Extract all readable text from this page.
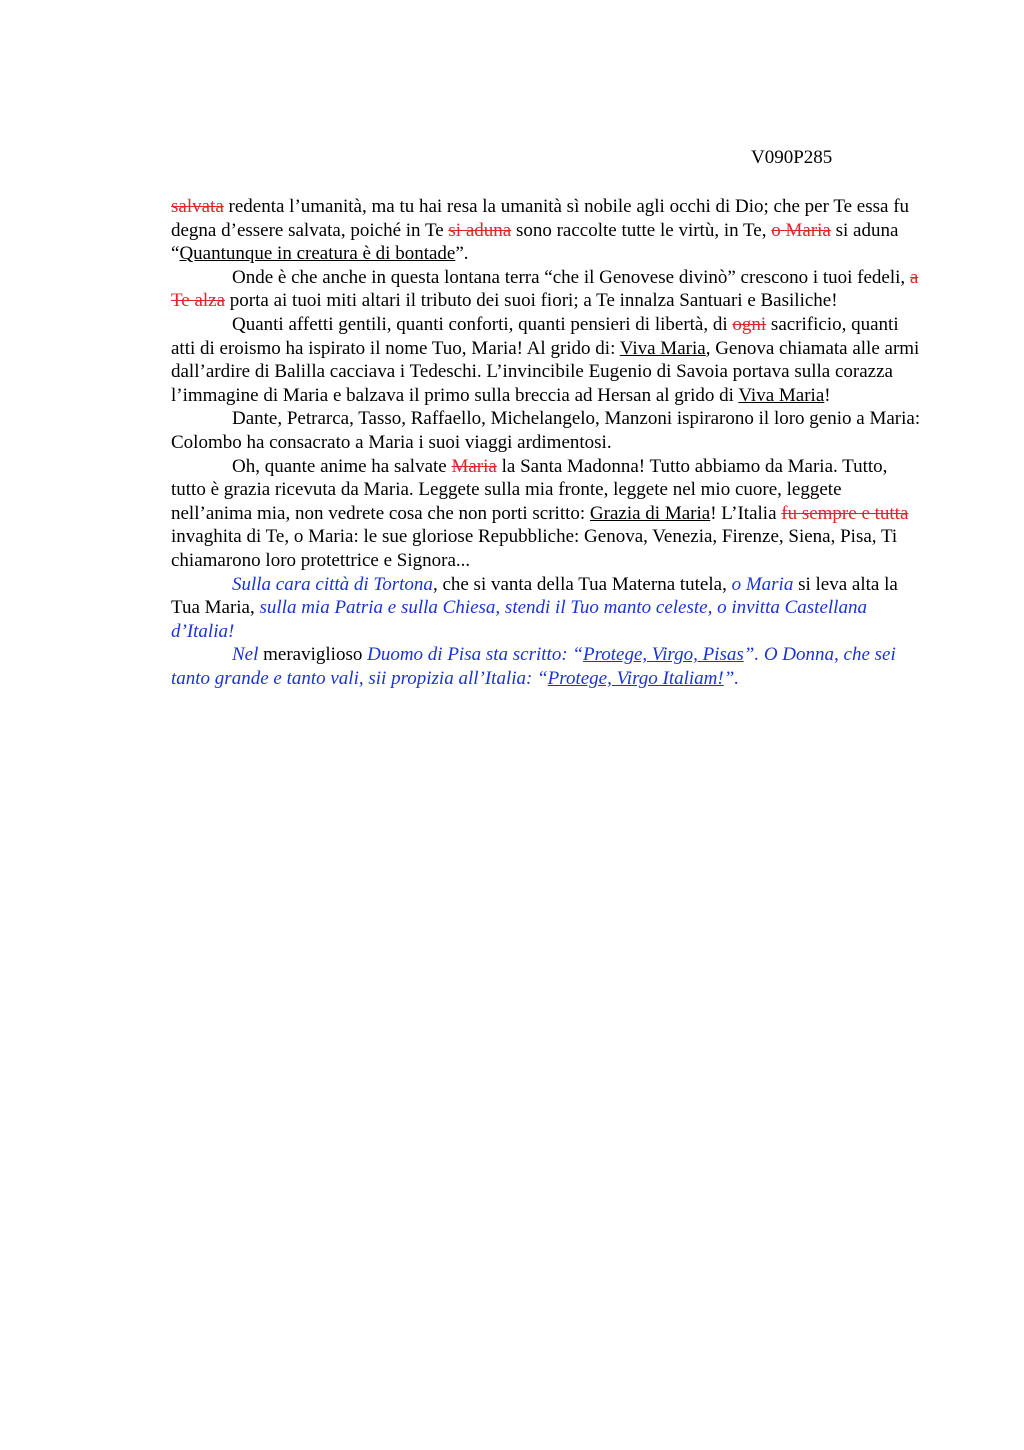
V090P285

salvata redenta l’umanità, ma tu hai resa la umanità sì nobile agli occhi di Dio; che per Te essa fu degna d’essere salvata, poiché in Te si aduna sono raccolte tutte le virtù, in Te, o Maria si aduna “Quantunque in creatura è di bontade”.

Onde è che anche in questa lontana terra “che il Genovese divinò” crescono i tuoi fedeli, a Te alza porta ai tuoi miti altari il tributo dei suoi fiori; a Te innalza Santuari e Basiliche!

Quanti affetti gentili, quanti conforti, quanti pensieri di libertà, di ogni sacrificio, quanti atti di eroismo ha ispirato il nome Tuo, Maria! Al grido di: Viva Maria, Genova chiamata alle armi dall’ardire di Balilla cacciava i Tedeschi. L’invincibile Eugenio di Savoia portava sulla corazza l’immagine di Maria e balzava il primo sulla breccia ad Hersan al grido di Viva Maria!

Dante, Petrarca, Tasso, Raffaello, Michelangelo, Manzoni ispirarono il loro genio a Maria: Colombo ha consacrato a Maria i suoi viaggi ardimentosi.

Oh, quante anime ha salvate Maria la Santa Madonna! Tutto abbiamo da Maria. Tutto, tutto è grazia ricevuta da Maria. Leggete sulla mia fronte, leggete nel mio cuore, leggete nell’anima mia, non vedrete cosa che non porti scritto: Grazia di Maria! L’Italia fu sempre e tutta invaghita di Te, o Maria: le sue gloriose Repubbliche: Genova, Venezia, Firenze, Siena, Pisa, Ti chiamarono loro protettrice e Signora...

Sulla cara città di Tortona, che si vanta della Tua Materna tutela, o Maria si leva alta la Tua Maria, sulla mia Patria e sulla Chiesa, stendi il Tuo manto celeste, o invitta Castellana d’Italia!

Nel meraviglioso Duomo di Pisa sta scritto: “Protege, Virgo, Pisas”. O Donna, che sei tanto grande e tanto vali, sii propizia all’Italia: “Protege, Virgo Italiam!”.
